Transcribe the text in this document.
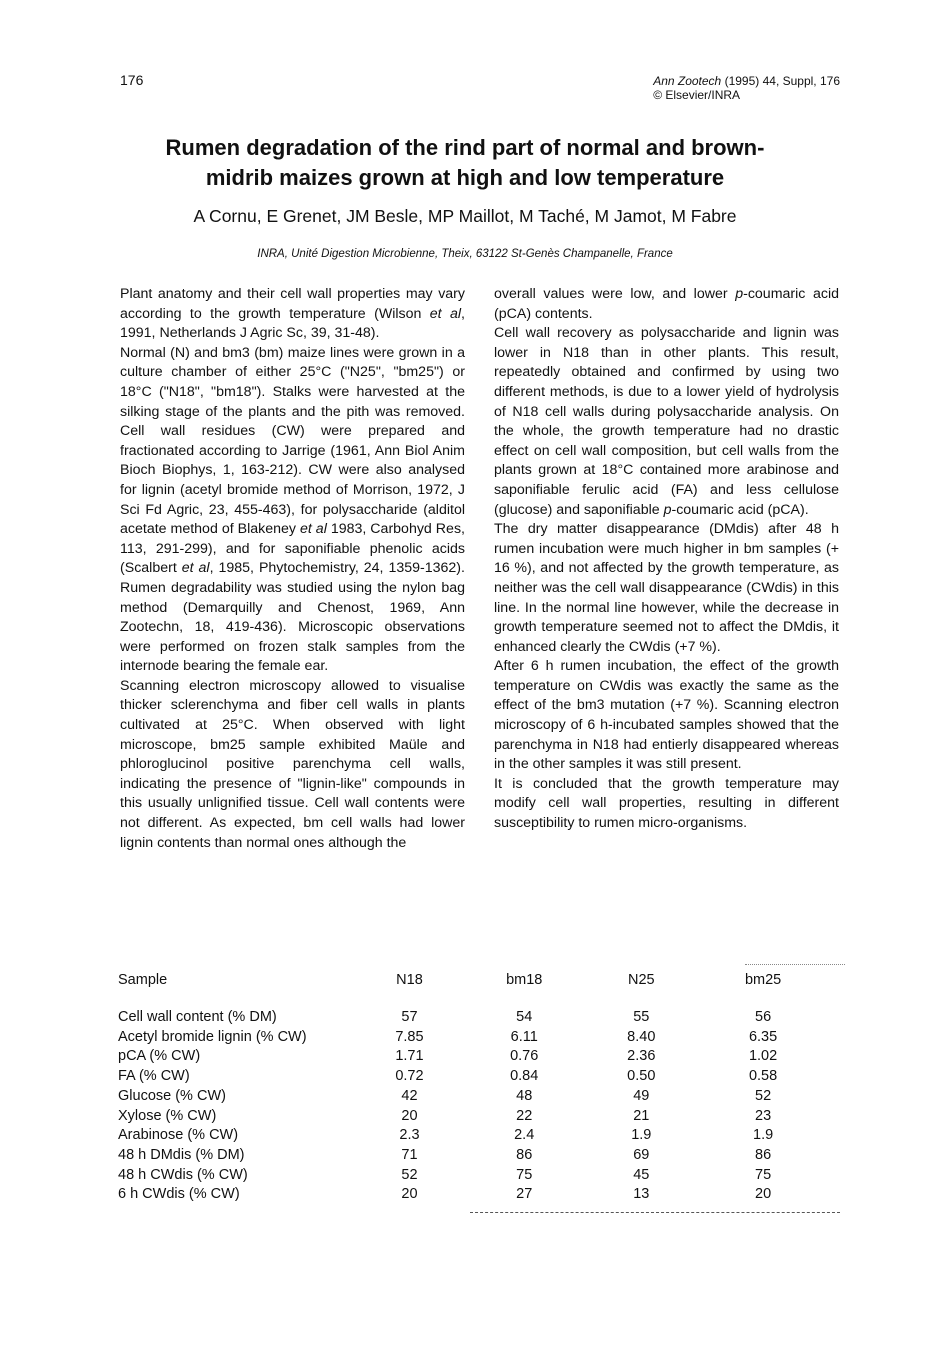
176	Ann Zootech (1995) 44, Suppl, 176
© Elsevier/INRA
Rumen degradation of the rind part of normal and brown-
midrib maizes grown at high and low temperature
A Cornu, E Grenet, JM Besle, MP Maillot, M Taché, M Jamot, M Fabre
INRA, Unité Digestion Microbienne, Theix, 63122 St-Genès Champanelle, France

Plant anatomy and their cell wall properties may vary according to the growth temperature (Wilson et al, 1991, Netherlands J Agric Sc, 39, 31-48).

Normal (N) and bm3 (bm) maize lines were grown in a culture chamber of either 25°C ("N25", "bm25") or 18°C ("N18", "bm18"). Stalks were harvested at the silking stage of the plants and the pith was removed. Cell wall residues (CW) were prepared and fractionated according to Jarrige (1961, Ann Biol Anim Bioch Biophys, 1, 163-212). CW were also analysed for lignin (acetyl bromide method of Morrison, 1972, J Sci Fd Agric, 23, 455-463), for polysaccharide (alditol acetate method of Blakeney et al 1983, Carbohyd Res, 113, 291-299), and for saponifiable phenolic acids (Scalbert et al, 1985, Phytochemistry, 24, 1359-1362). Rumen degradability was studied using the nylon bag method (Demarquilly and Chenost, 1969, Ann Zootechn, 18, 419-436). Microscopic observations were performed on frozen stalk samples from the internode bearing the female ear.

Scanning electron microscopy allowed to visualise thicker sclerenchyma and fiber cell walls in plants cultivated at 25°C. When observed with light microscope, bm25 sample exhibited Maüle and phloroglucinol positive parenchyma cell walls, indicating the presence of "lignin-like" compounds in this usually unlignified tissue. Cell wall contents were not different. As expected, bm cell walls had lower lignin contents than normal ones although the

overall values were low, and lower p-coumaric acid (pCA) contents.

Cell wall recovery as polysaccharide and lignin was lower in N18 than in other plants. This result, repeatedly obtained and confirmed by using two different methods, is due to a lower yield of hydrolysis of N18 cell walls during polysaccharide analysis. On the whole, the growth temperature had no drastic effect on cell wall composition, but cell walls from the plants grown at 18°C contained more arabinose and saponifiable ferulic acid (FA) and less cellulose (glucose) and saponifiable p-coumaric acid (pCA).

The dry matter disappearance (DMdis) after 48 h rumen incubation were much higher in bm samples (+ 16 %), and not affected by the growth temperature, as neither was the cell wall disappearance (CWdis) in this line. In the normal line however, while the decrease in growth temperature seemed not to affect the DMdis, it enhanced clearly the CWdis (+7 %).

After 6 h rumen incubation, the effect of the growth temperature on CWdis was exactly the same as the effect of the bm3 mutation (+7 %). Scanning electron microscopy of 6 h-incubated samples showed that the parenchyma in N18 had entierly disappeared whereas in the other samples it was still present.

It is concluded that the growth temperature may modify cell wall properties, resulting in different susceptibility to rumen micro-organisms.

Sample	N18	bm18	N25	bm25
Cell wall content (% DM)	57	54	55	56
Acetyl bromide lignin (% CW)	7.85	6.11	8.40	6.35
pCA (% CW)	1.71	0.76	2.36	1.02
FA (% CW)	0.72	0.84	0.50	0.58
Glucose (% CW)	42	48	49	52
Xylose (% CW)	20	22	21	23
Arabinose (% CW)	2.3	2.4	1.9	1.9
48 h DMdis (% DM)	71	86	69	86
48 h CWdis (% CW)	52	75	45	75
6 h CWdis (% CW)	20	27	13	20
